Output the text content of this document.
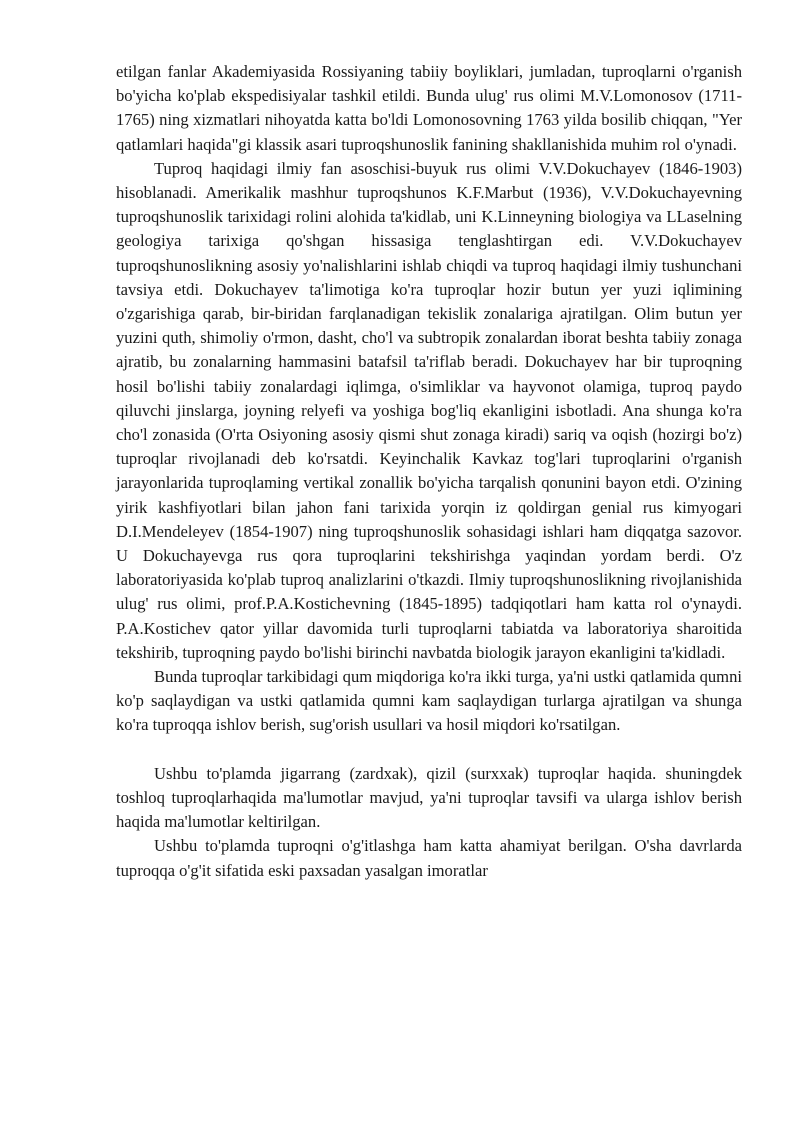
etilgan fanlar Akademiyasida Rossiyaning tabiiy boyliklari, jumladan, tuproqlarni o'rganish bo'yicha ko'plab ekspedisiyalar tashkil etildi. Bunda ulug' rus olimi M.V.Lomonosov (1711-1765) ning xizmatlari nihoyatda katta bo'ldi Lomonosovning 1763 yilda bosilib chiqqan, "Yer qatlamlari haqida"gi klassik asari tuproqshunoslik fanining shakllanishida muhim rol o'ynadi.

Tuproq haqidagi ilmiy fan asoschisi-buyuk rus olimi V.V.Dokuchayev (1846-1903) hisoblanadi. Amerikalik mashhur tuproqshunos K.F.Marbut (1936), V.V.Dokuchayevning tuproqshunoslik tarixidagi rolini alohida ta'kidlab, uni K.Linneyning biologiya va LLaselning geologiya tarixiga qo'shgan hissasiga tenglashtirgan edi. V.V.Dokuchayev tuproqshunoslikning asosiy yo'nalishlarini ishlab chiqdi va tuproq haqidagi ilmiy tushunchani tavsiya etdi. Dokuchayev ta'limotiga ko'ra tuproqlar hozir butun yer yuzi iqlimining o'zgarishiga qarab, bir-biridan farqlanadigan tekislik zonalariga ajratilgan. Olim butun yer yuzini quth, shimoliy o'rmon, dasht, cho'l va subtropik zonalardan iborat beshta tabiiy zonaga ajratib, bu zonalarning hammasini batafsil ta'riflab beradi. Dokuchayev har bir tuproqning hosil bo'lishi tabiiy zonalardagi iqlimga, o'simliklar va hayvonot olamiga, tuproq paydo qiluvchi jinslarga, joyning relyefi va yoshiga bog'liq ekanligini isbotladi. Ana shunga ko'ra cho'l zonasida (O'rta Osiyoning asosiy qismi shut zonaga kiradi) sariq va oqish (hozirgi bo'z) tuproqlar rivojlanadi deb ko'rsatdi. Keyinchalik Kavkaz tog'lari tuproqlarini o'rganish jarayonlarida tuproqlaming vertikal zonallik bo'yicha tarqalish qonunini bayon etdi. O'zining yirik kashfiyotlari bilan jahon fani tarixida yorqin iz qoldirgan genial rus kimyogari D.I.Mendeleyev (1854-1907) ning tuproqshunoslik sohasidagi ishlari ham diqqatga sazovor. U Dokuchayevga rus qora tuproqlarini tekshirishga yaqindan yordam berdi. O'z laboratoriyasida ko'plab tuproq analizlarini o'tkazdi. Ilmiy tuproqshunoslikning rivojlanishida ulug' rus olimi, prof.P.A.Kostichevning (1845-1895) tadqiqotlari ham katta rol o'ynaydi. P.A.Kostichev qator yillar davomida turli tuproqlarni tabiatda va laboratoriya sharoitida tekshirib, tuproqning paydo bo'lishi birinchi navbatda biologik jarayon ekanligini ta'kidladi.

Bunda tuproqlar tarkibidagi qum miqdoriga ko'ra ikki turga, ya'ni ustki qatlamida qumni ko'p saqlaydigan va ustki qatlamida qumni kam saqlaydigan turlarga ajratilgan va shunga ko'ra tuproqqa ishlov berish, sug'orish usullari va hosil miqdori ko'rsatilgan.

Ushbu to'plamda jigarrang (zardxak), qizil (surxxak) tuproqlar haqida. shuningdek toshloq tuproqlarhaqida ma'lumotlar mavjud, ya'ni tuproqlar tavsifi va ularga ishlov berish haqida ma'lumotlar keltirilgan.

Ushbu to'plamda tuproqni o'g'itlashga ham katta ahamiyat berilgan. O'sha davrlarda tuproqqa o'g'it sifatida eski paxsadan yasalgan imoratlar
